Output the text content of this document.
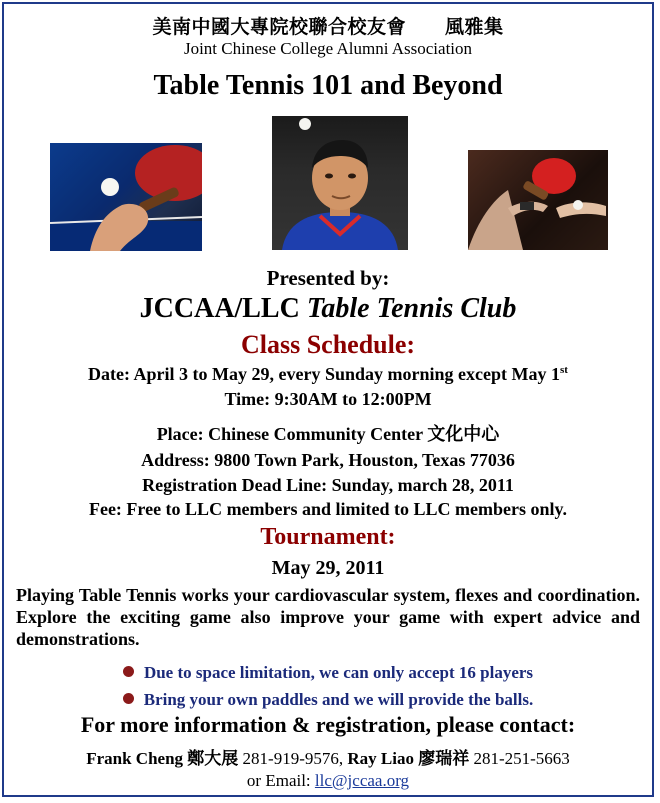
美南中國大專院校聯合校友會　　風雅集
Joint Chinese College Alumni Association
Table Tennis 101 and Beyond
Presented by:
JCCAA/LLC Table Tennis Club
Class Schedule:
Date: April 3 to May 29, every Sunday morning except May 1st
Time: 9:30AM to 12:00PM
Place: Chinese Community Center 文化中心
Address: 9800 Town Park, Houston, Texas 77036
Registration Dead Line: Sunday, march 28, 2011
Fee: Free to LLC members and limited to LLC members only.
Tournament:
May 29, 2011
Playing Table Tennis works your cardiovascular system, flexes and coordination. Explore the exciting game also improve your game with expert advice and demonstrations.
Due to space limitation, we can only accept 16 players
Bring your own paddles and we will provide the balls.
For more information & registration, please contact:
Frank Cheng 鄭大展 281-919-9576, Ray Liao 廖瑞祥 281-251-5663
or Email: llc@jccaa.org
